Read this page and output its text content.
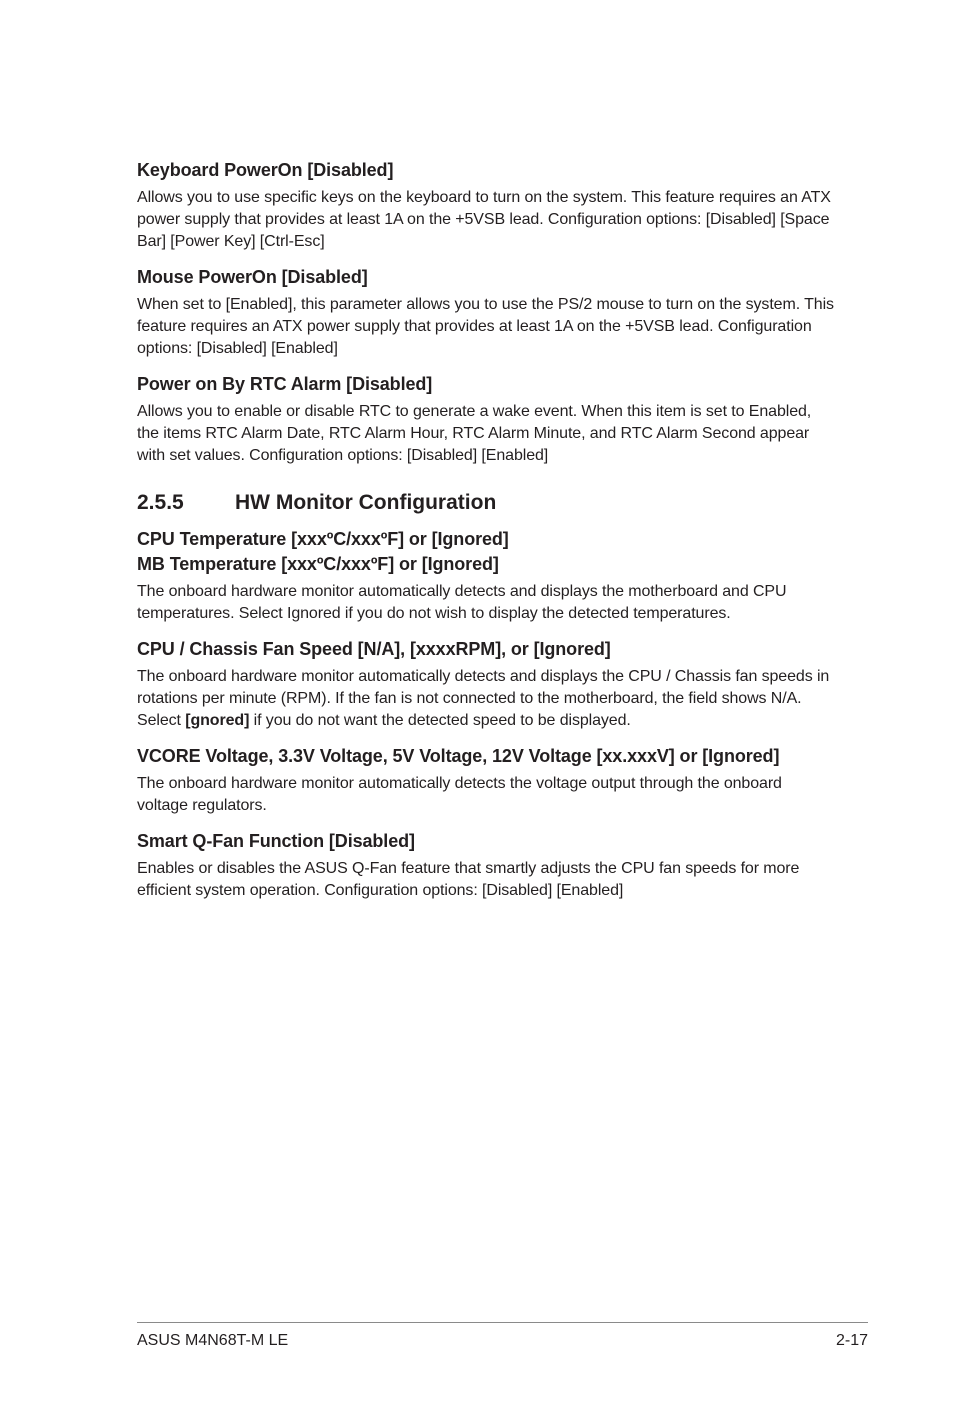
Keyboard PowerOn [Disabled]
Allows you to use specific keys on the keyboard to turn on the system. This feature requires an ATX power supply that provides at least 1A on the +5VSB lead. Configuration options: [Disabled] [Space Bar] [Power Key] [Ctrl-Esc]
Mouse PowerOn [Disabled]
When set to [Enabled], this parameter allows you to use the PS/2 mouse to turn on the system. This feature requires an ATX power supply that provides at least 1A on the +5VSB lead. Configuration options: [Disabled] [Enabled]
Power on By RTC Alarm [Disabled]
Allows you to enable or disable RTC to generate a wake event. When this item is set to Enabled, the items RTC Alarm Date, RTC Alarm Hour, RTC Alarm Minute, and RTC Alarm Second appear with set values. Configuration options: [Disabled] [Enabled]
2.5.5	HW Monitor Configuration
CPU Temperature [xxxºC/xxxºF] or [Ignored]
MB Temperature [xxxºC/xxxºF] or [Ignored]
The onboard hardware monitor automatically detects and displays the motherboard and CPU temperatures. Select Ignored if you do not wish to display the detected temperatures.
CPU / Chassis Fan Speed [N/A], [xxxxRPM], or [Ignored]
The onboard hardware monitor automatically detects and displays the CPU / Chassis fan speeds in rotations per minute (RPM). If the fan is not connected to the motherboard, the field shows N/A. Select [gnored] if you do not want the detected speed to be displayed.
VCORE Voltage, 3.3V Voltage, 5V Voltage, 12V Voltage [xx.xxxV] or [Ignored]
The onboard hardware monitor automatically detects the voltage output through the onboard voltage regulators.
Smart Q-Fan Function [Disabled]
Enables or disables the ASUS Q-Fan feature that smartly adjusts the CPU fan speeds for more efficient system operation. Configuration options: [Disabled] [Enabled]
ASUS M4N68T-M LE	2-17
